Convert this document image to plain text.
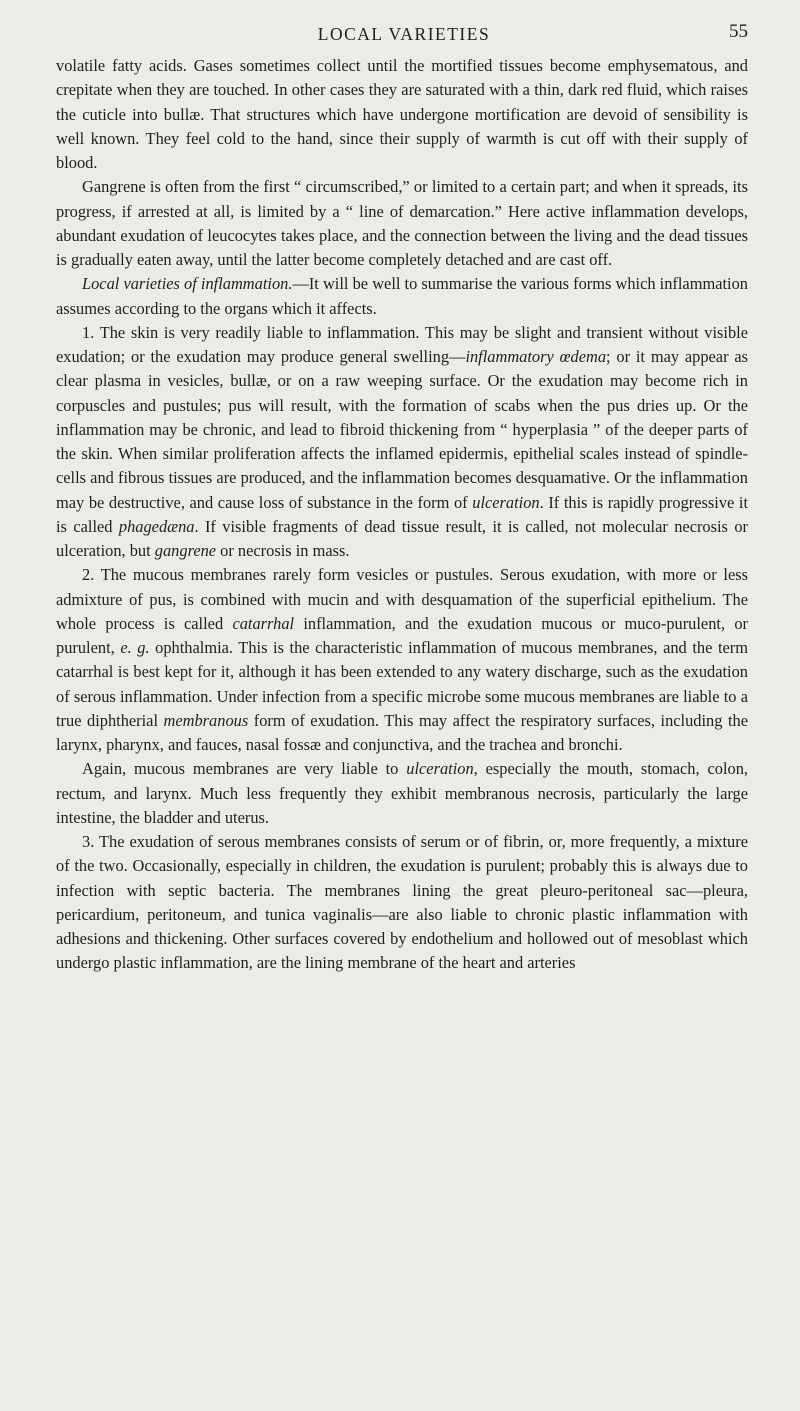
LOCAL VARIETIES	55

volatile fatty acids. Gases sometimes collect until the mortified tissues become emphysematous, and crepitate when they are touched. In other cases they are saturated with a thin, dark red fluid, which raises the cuticle into bullæ. That structures which have undergone mortification are devoid of sensibility is well known. They feel cold to the hand, since their supply of warmth is cut off with their supply of blood.

Gangrene is often from the first “ circumscribed,” or limited to a certain part; and when it spreads, its progress, if arrested at all, is limited by a “ line of demarcation.” Here active inflammation develops, abundant exudation of leucocytes takes place, and the connection between the living and the dead tissues is gradually eaten away, until the latter become completely detached and are cast off.

Local varieties of inflammation.—It will be well to summarise the various forms which inflammation assumes according to the organs which it affects.

1. The skin is very readily liable to inflammation. This may be slight and transient without visible exudation; or the exudation may produce general swelling—inflammatory œdema; or it may appear as clear plasma in vesicles, bullæ, or on a raw weeping surface. Or the exudation may become rich in corpuscles and pustules; pus will result, with the formation of scabs when the pus dries up. Or the inflammation may be chronic, and lead to fibroid thickening from “ hyperplasia ” of the deeper parts of the skin. When similar proliferation affects the inflamed epidermis, epithelial scales instead of spindle-cells and fibrous tissues are produced, and the inflammation becomes desquamative. Or the inflammation may be destructive, and cause loss of substance in the form of ulceration. If this is rapidly progressive it is called phagedæna. If visible fragments of dead tissue result, it is called, not molecular necrosis or ulceration, but gangrene or necrosis in mass.

2. The mucous membranes rarely form vesicles or pustules. Serous exudation, with more or less admixture of pus, is combined with mucin and with desquamation of the superficial epithelium. The whole process is called catarrhal inflammation, and the exudation mucous or muco-purulent, or purulent, e. g. ophthalmia. This is the characteristic inflammation of mucous membranes, and the term catarrhal is best kept for it, although it has been extended to any watery discharge, such as the exudation of serous inflammation. Under infection from a specific microbe some mucous membranes are liable to a true diphtherial membranous form of exudation. This may affect the respiratory surfaces, including the larynx, pharynx, and fauces, nasal fossæ and conjunctiva, and the trachea and bronchi.

Again, mucous membranes are very liable to ulceration, especially the mouth, stomach, colon, rectum, and larynx. Much less frequently they exhibit membranous necrosis, particularly the large intestine, the bladder and uterus.

3. The exudation of serous membranes consists of serum or of fibrin, or, more frequently, a mixture of the two. Occasionally, especially in children, the exudation is purulent; probably this is always due to infection with septic bacteria. The membranes lining the great pleuro-peritoneal sac—pleura, pericardium, peritoneum, and tunica vaginalis—are also liable to chronic plastic inflammation with adhesions and thickening. Other surfaces covered by endothelium and hollowed out of mesoblast which undergo plastic inflammation, are the lining membrane of the heart and arteries
